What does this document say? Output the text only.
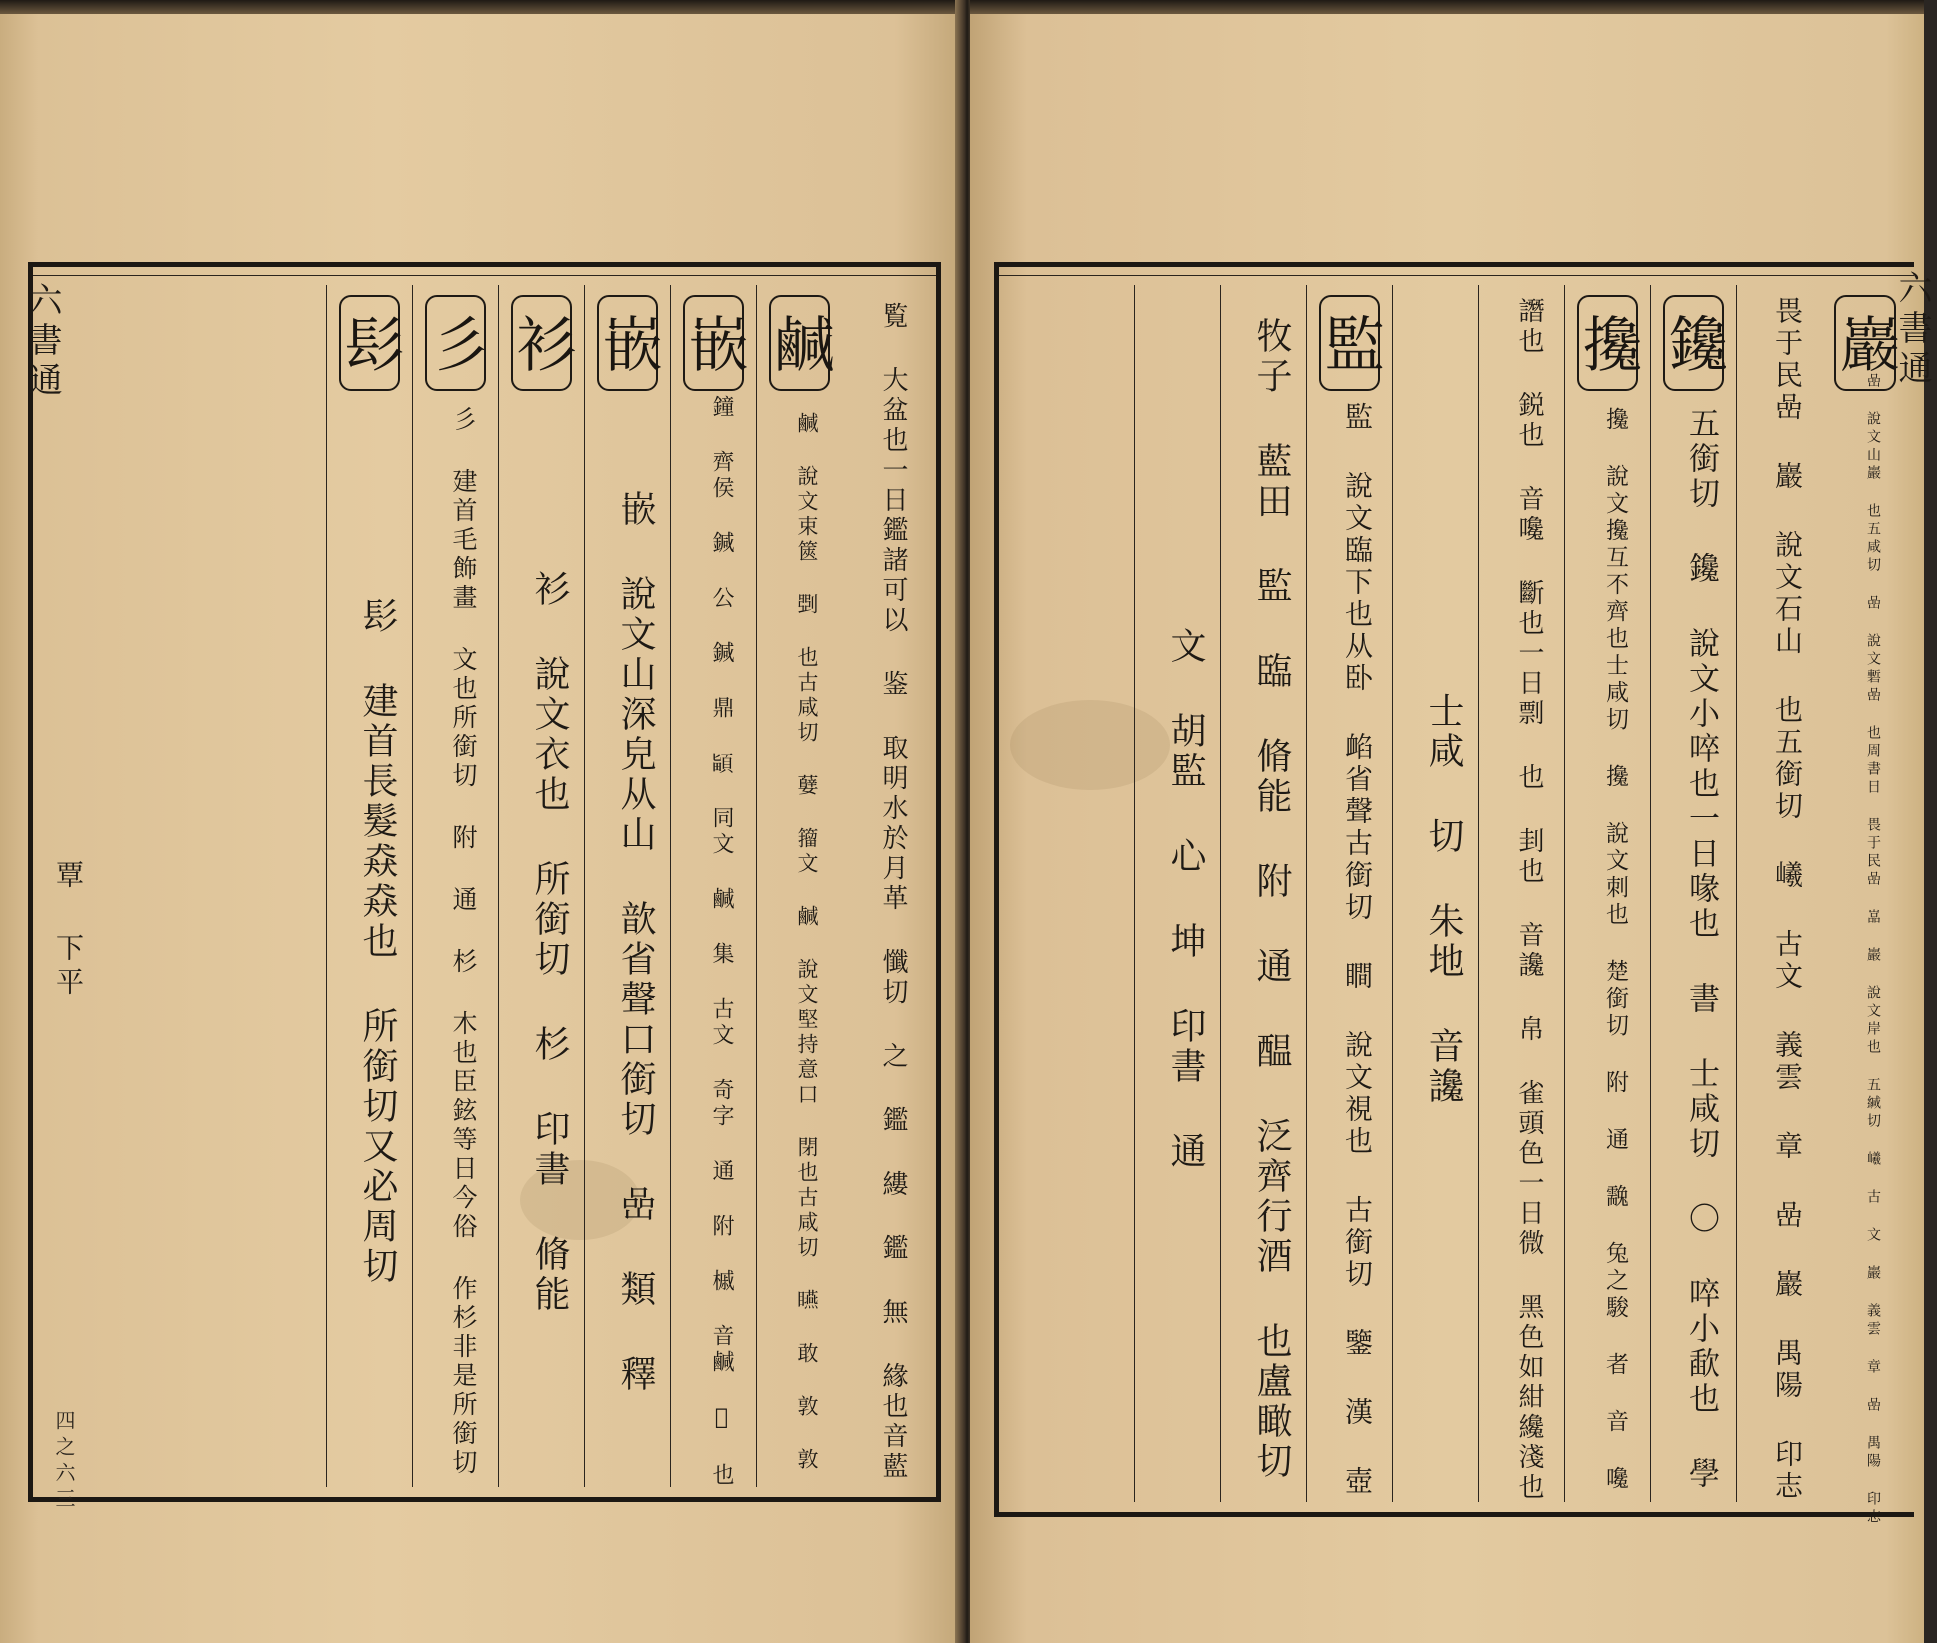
覧 大盆也一日鑑諸可以 鉴 取明水於月革 懺切 之 鑑 縷 鑑 無 緣也音藍
鹹
鹹 說文束篋 㓸 也古咸切 㜸 籀文 鹹 說文堅持意口 閉也古咸切 𥍂 敢 敦 敦
嵌
鐘 齊侯 鍼 公 鍼 鼎 𩒵 同文 鹹 集 古文 奇字 通 附 槭 音鹹 𣗥 也
嵌
嵌 說文山深皃从山 歆省聲口銜切 嵒 類 釋
衫
衫 說文衣也 所銜切 杉 印書 脩能
彡
彡 建首毛飾畫 文也所銜切 附 通 杉 木也臣鉉等日今俗 作杉非是所銜切
髟
髟 建首長髮猋猋也 所銜切又必周切
六書通
覃 下平
四之六三
巖
嵒 說文山巖 也五咸切 嵒 說文磛嵒 也周書日 畏于民嵒 嵓 巖 說文岸也 五緘切 𡾞 古 文 巖 義雲 章 嵒 禺陽 印志
畏于民嵒 巖 說文石山 也五銜切 𡾞 古文 義雲 章 嵒 巖 禺陽 印志
鑱
五銜切 鑱 說文小啐也一日喙也 書 士咸切 〇 啐小歃也 學
攙
攙 說文攙互不齊也士咸切 攙 說文刺也 楚銜切 附 通 䨲 兔之駿 者 音 嚵
譖也 鋭也 音嚵 斷也一日剽 也 刲也 音讒 帛 雀頭色一日微 黑色如紺纔淺也
士咸 切 朱地 音讒
監
監 說文臨下也从卧 䘓省聲古銜切 瞷 說文視也 古銜切 鑒 漢 壺
牧子 藍田 監 臨 脩能 附 通 醖 泛齊行酒 也盧瞰切
文 胡監 心 坤 印書 通
六書通
